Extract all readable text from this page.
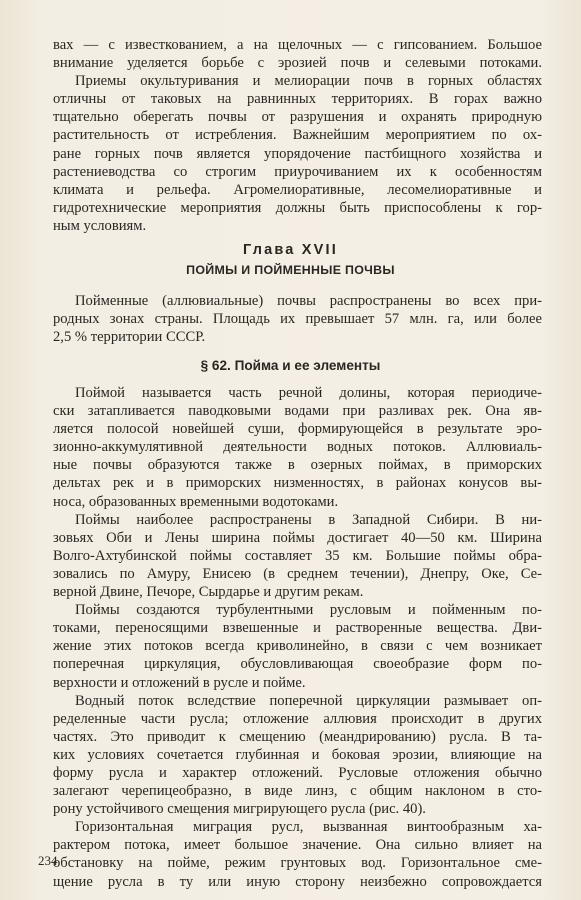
вах — с известкованием, а на щелочных — с гипсованием. Большое
внимание уделяется борьбе с эрозией почв и селевыми потоками.
Приемы окультуривания и мелиорации почв в горных областях
отличны от таковых на равнинных территориях. В горах важно
тщательно оберегать почвы от разрушения и охранять природную
растительность от истребления. Важнейшим мероприятием по ох-
ране горных почв является упорядочение пастбищного хозяйства и
растениеводства со строгим приурочиванием их к особенностям
климата и рельефа. Агромелиоративные, лесомелиоративные и
гидротехнические мероприятия должны быть приспособлены к гор-
ным условиям.
Глава XVII
ПОЙМЫ И ПОЙМЕННЫЕ ПОЧВЫ
Пойменные (аллювиальные) почвы распространены во всех при-
родных зонах страны. Площадь их превышает 57 млн. га, или более
2,5 % территории СССР.
§ 62. Пойма и ее элементы
Поймой называется часть речной долины, которая периодиче-
ски затапливается паводковыми водами при разливах рек. Она яв-
ляется полосой новейшей суши, формирующейся в результате эро-
зионно-аккумулятивной деятельности водных потоков. Аллювиаль-
ные почвы образуются также в озерных поймах, в приморских
дельтах рек и в приморских низменностях, в районах конусов вы-
носа, образованных временными водотоками.
Поймы наиболее распространены в Западной Сибири. В ни-
зовьях Оби и Лены ширина поймы достигает 40—50 км. Ширина
Волго-Ахтубинской поймы составляет 35 км. Большие поймы обра-
зовались по Амуру, Енисею (в среднем течении), Днепру, Оке, Се-
верной Двине, Печоре, Сырдарье и другим рекам.
Поймы создаются турбулентными русловым и пойменным по-
токами, переносящими взвешенные и растворенные вещества. Дви-
жение этих потоков всегда криволинейно, в связи с чем возникает
поперечная циркуляция, обусловливающая своеобразие форм по-
верхности и отложений в русле и пойме.
Водный поток вследствие поперечной циркуляции размывает оп-
ределенные части русла; отложение аллювия происходит в других
частях. Это приводит к смещению (меандрированию) русла. В та-
ких условиях сочетается глубинная и боковая эрозии, влияющие на
форму русла и характер отложений. Русловые отложения обычно
залегают черепицеобразно, в виде линз, с общим наклоном в сто-
рону устойчивого смещения мигрирующего русла (рис. 40).
Горизонтальная миграция русл, вызванная винтообразным ха-
рактером потока, имеет большое значение. Она сильно влияет на
обстановку на пойме, режим грунтовых вод. Горизонтальное сме-
щение русла в ту или иную сторону неизбежно сопровождается
234
